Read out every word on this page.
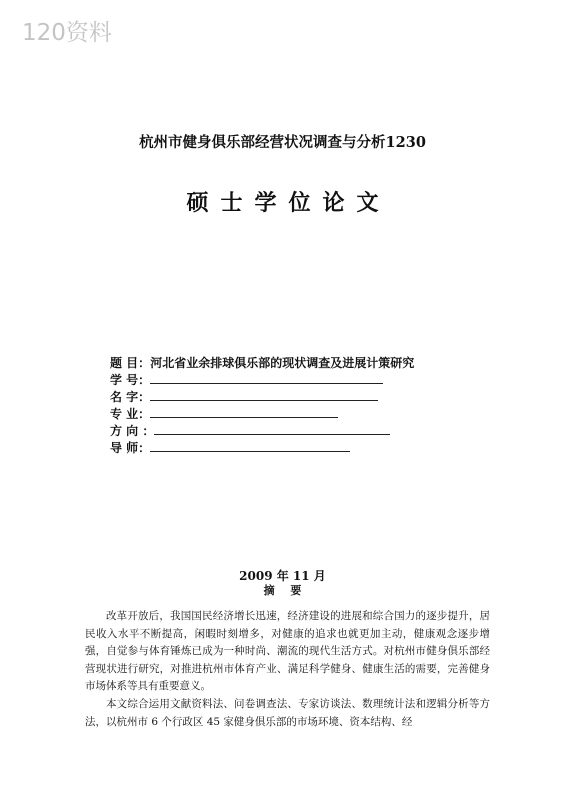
120资料
杭州市健身俱乐部经营状况调查与分析1230
硕士学位论文
题 目：河北省业余排球俱乐部的现状调查及进展计策研究
学 号：
名 字：
专 业：
方 向 ：
导 师：
2009 年 11 月
摘 要

改革开放后，我国国民经济增长迅速，经济建设的进展和综合国力的逐步提升，居民收入水平不断提高，闲暇时刻增多，对健康的追求也就更加主动，健康观念逐步增强，自觉参与体育锤炼已成为一种时尚、潮流的现代生活方式。对杭州市健身俱乐部经营现状进行研究，对推进杭州市体育产业、满足科学健身、健康生活的需要，完善健身市场体系等具有重要意义。

本文综合运用文献资料法、问卷调查法、专家访谈法、数理统计法和逻辑分析等方法，以杭州市 6 个行政区 45 家健身俱乐部的市场环境、资本结构、经
